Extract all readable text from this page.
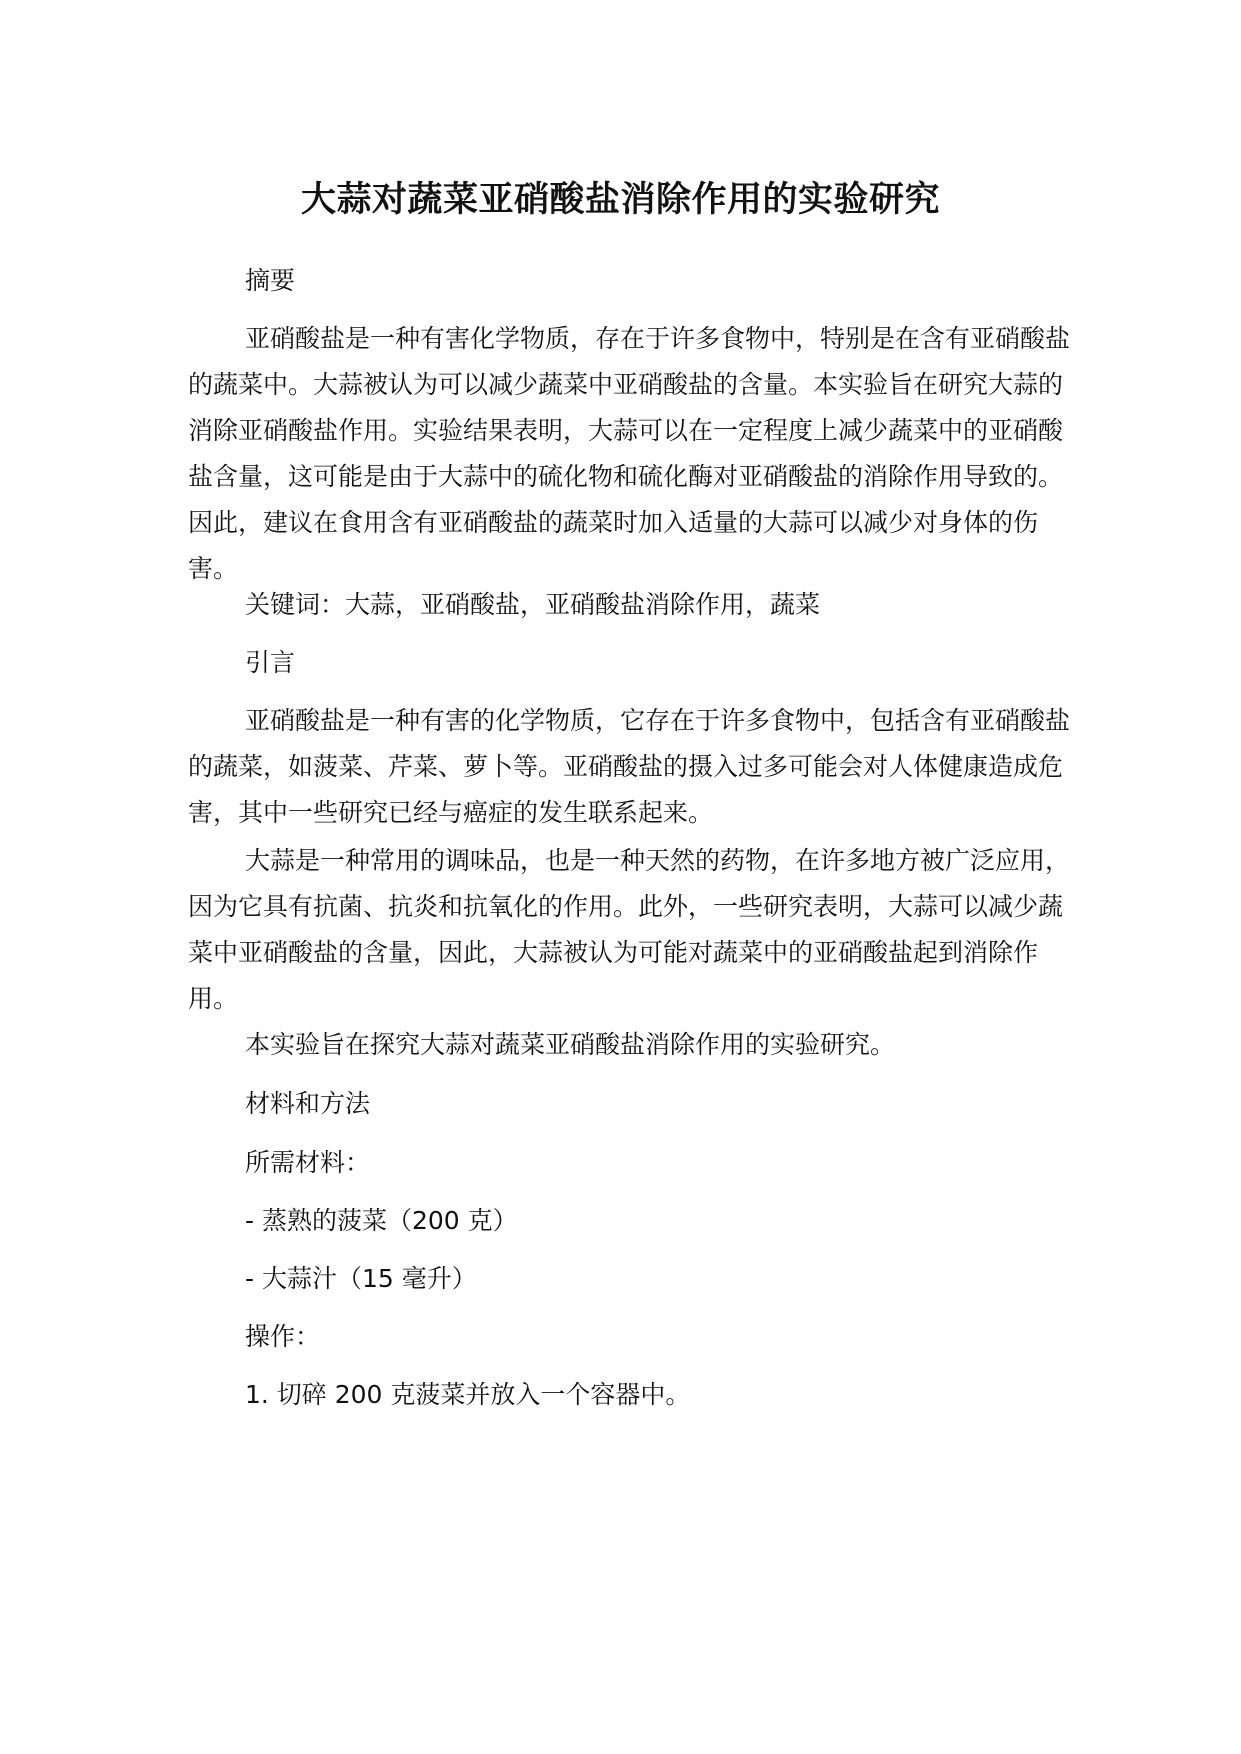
大蒜对蔬菜亚硝酸盐消除作用的实验研究

摘要

亚硝酸盐是一种有害化学物质，存在于许多食物中，特别是在含有亚硝酸盐的蔬菜中。大蒜被认为可以减少蔬菜中亚硝酸盐的含量。本实验旨在研究大蒜的消除亚硝酸盐作用。实验结果表明，大蒜可以在一定程度上减少蔬菜中的亚硝酸盐含量，这可能是由于大蒜中的硫化物和硫化酶对亚硝酸盐的消除作用导致的。因此，建议在食用含有亚硝酸盐的蔬菜时加入适量的大蒜可以减少对身体的伤害。

关键词：大蒜，亚硝酸盐，亚硝酸盐消除作用，蔬菜

引言

亚硝酸盐是一种有害的化学物质，它存在于许多食物中，包括含有亚硝酸盐的蔬菜，如菠菜、芹菜、萝卜等。亚硝酸盐的摄入过多可能会对人体健康造成危害，其中一些研究已经与癌症的发生联系起来。

大蒜是一种常用的调味品，也是一种天然的药物，在许多地方被广泛应用，因为它具有抗菌、抗炎和抗氧化的作用。此外，一些研究表明，大蒜可以减少蔬菜中亚硝酸盐的含量，因此，大蒜被认为可能对蔬菜中的亚硝酸盐起到消除作用。

本实验旨在探究大蒜对蔬菜亚硝酸盐消除作用的实验研究。

材料和方法

所需材料：

- 蒸熟的菠菜（200 克）

- 大蒜汁（15 毫升）

操作：

1. 切碎 200 克菠菜并放入一个容器中。
